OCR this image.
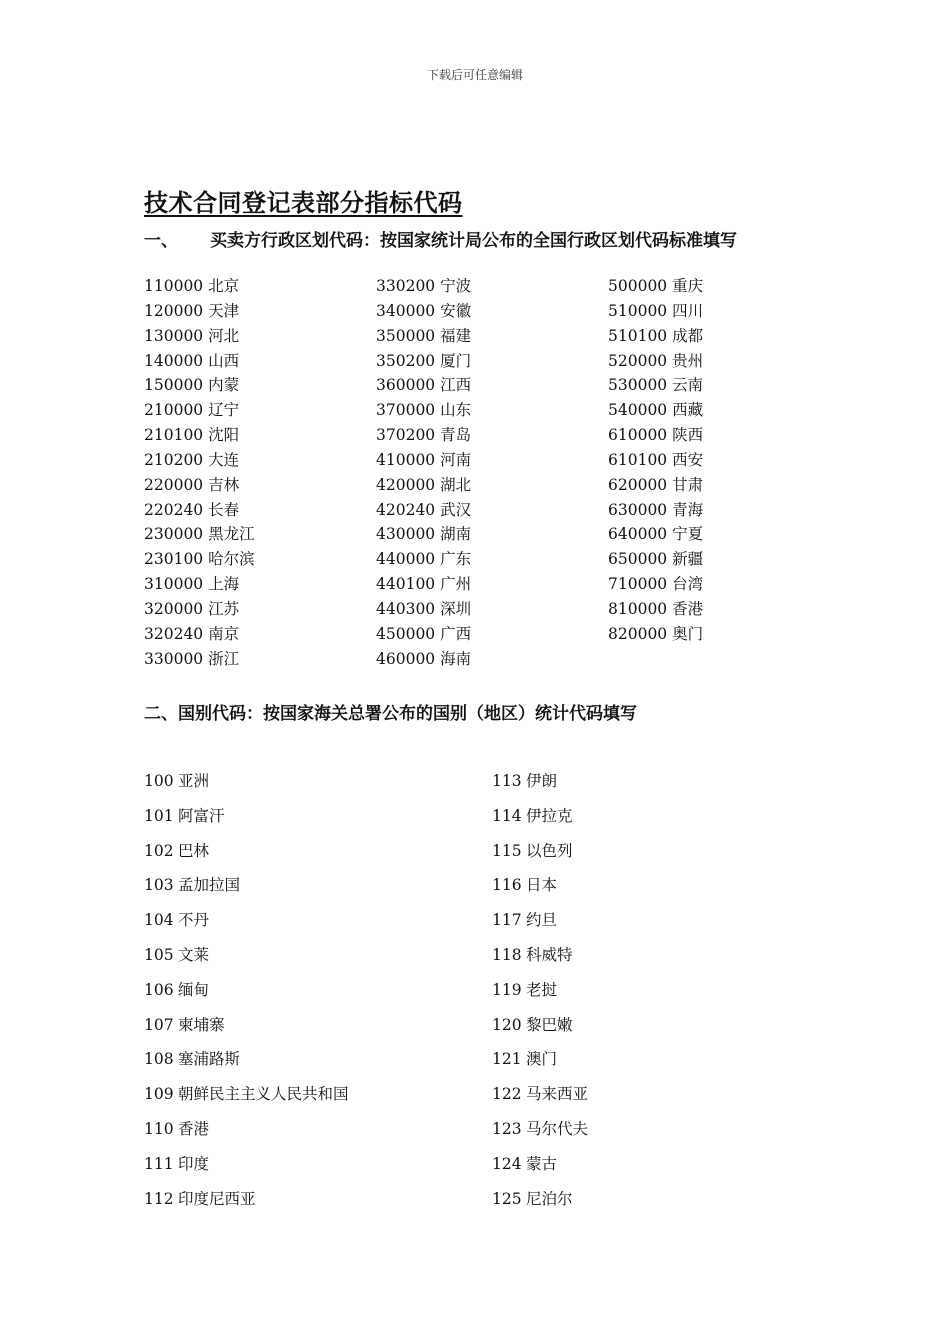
下载后可任意编辑
技术合同登记表部分指标代码
一、 买卖方行政区划代码：按国家统计局公布的全国行政区划代码标准填写
110000 北京
120000 天津
130000 河北
140000 山西
150000 内蒙
210000 辽宁
210100 沈阳
210200 大连
220000 吉林
220240 长春
230000 黑龙江
230100 哈尔滨
310000 上海
320000 江苏
320240 南京
330000 浙江
330200 宁波
340000 安徽
350000 福建
350200 厦门
360000 江西
370000 山东
370200 青岛
410000 河南
420000 湖北
420240 武汉
430000 湖南
440000 广东
440100 广州
440300 深圳
450000 广西
460000 海南
500000 重庆
510000 四川
510100 成都
520000 贵州
530000 云南
540000 西藏
610000 陕西
610100 西安
620000 甘肃
630000 青海
640000 宁夏
650000 新疆
710000 台湾
810000 香港
820000 奥门
二、国别代码：按国家海关总署公布的国别（地区）统计代码填写
100 亚洲
101 阿富汗
102 巴林
103 孟加拉国
104 不丹
105 文莱
106 缅甸
107 柬埔寨
108 塞浦路斯
109 朝鲜民主主义人民共和国
110 香港
111 印度
112 印度尼西亚
113 伊朗
114 伊拉克
115 以色列
116 日本
117 约旦
118 科威特
119 老挝
120 黎巴嫩
121 澳门
122 马来西亚
123 马尔代夫
124 蒙古
125 尼泊尔
